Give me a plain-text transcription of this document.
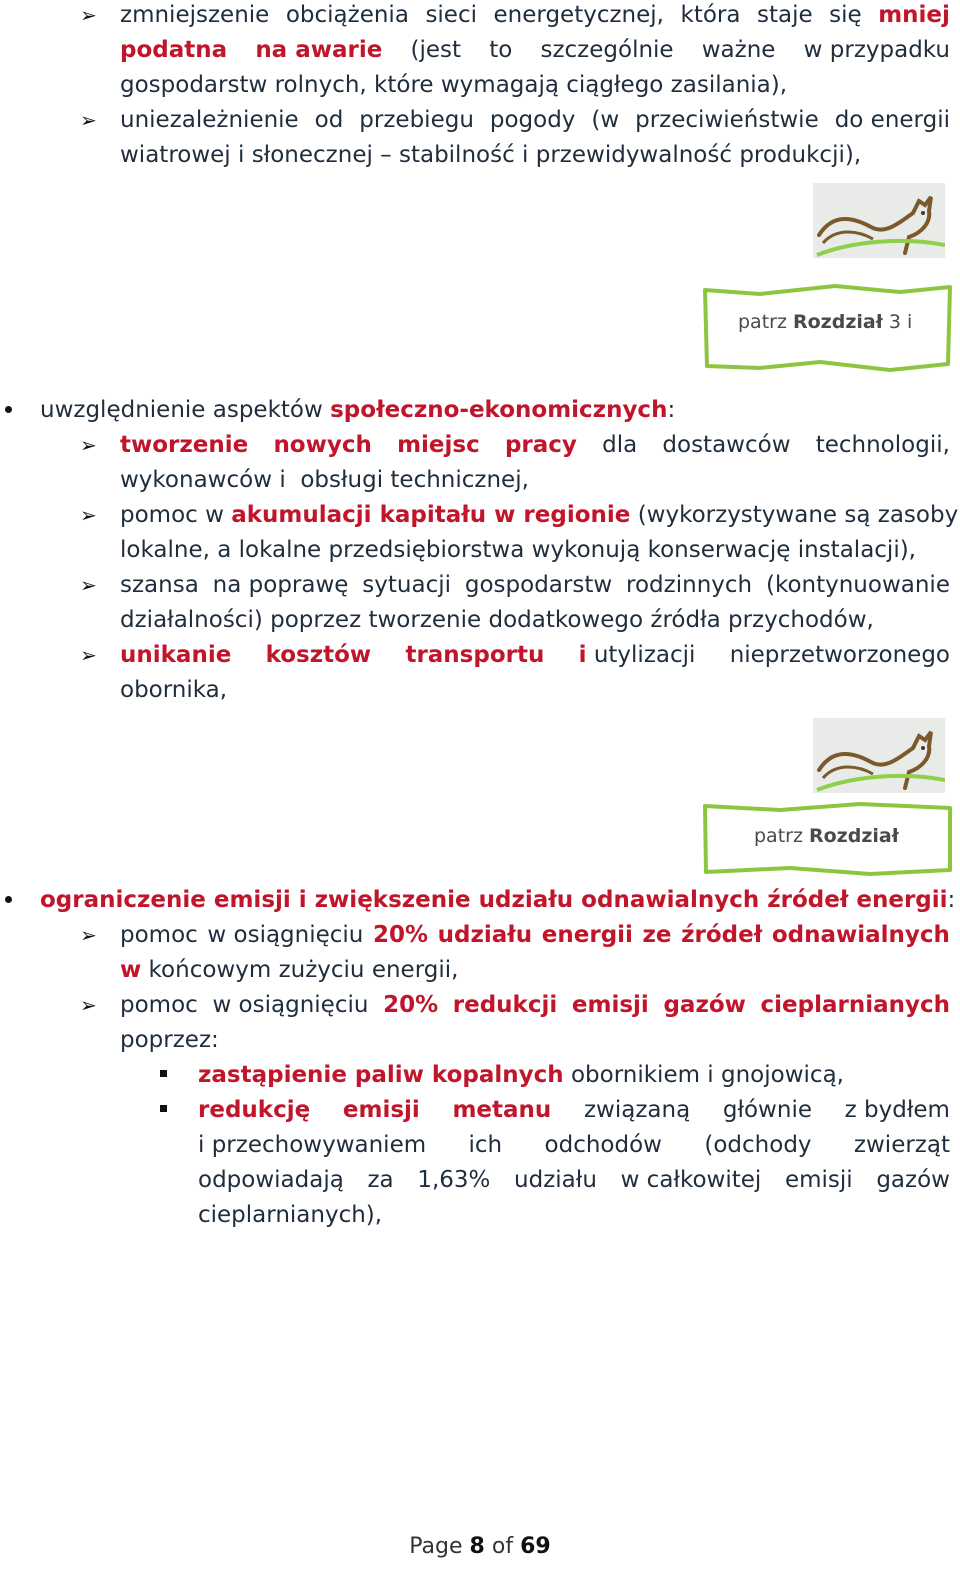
➢ zmniejszenie obciążenia sieci energetycznej, która staje się mniej
podatna na awarie (jest to szczególnie ważne w przypadku
gospodarstw rolnych, które wymagają ciągłego zasilania),
➢ uniezależnienie od przebiegu pogody (w przeciwieństwie do energii
wiatrowej i słonecznej – stabilność i przewidywalność produkcji),
patrz Rozdział 3 i
uwzględnienie aspektów społeczno-ekonomicznych:
➢ tworzenie nowych miejsc pracy dla dostawców technologii,
wykonawców i  obsługi technicznej,
➢ pomoc w akumulacji kapitału w regionie (wykorzystywane są zasoby
lokalne, a lokalne przedsiębiorstwa wykonują konserwację instalacji),
➢ szansa na poprawę sytuacji gospodarstw rodzinnych (kontynuowanie
działalności) poprzez tworzenie dodatkowego źródła przychodów,
➢ unikanie kosztów transportu i utylizacji nieprzetworzonego
obornika,
patrz Rozdział
ograniczenie emisji i zwiększenie udziału odnawialnych źródeł energii:
➢ pomoc w osiągnięciu 20% udziału energii ze źródeł odnawialnych
w końcowym zużyciu energii,
➢ pomoc w osiągnięciu 20% redukcji emisji gazów cieplarnianych
poprzez:
zastąpienie paliw kopalnych obornikiem i gnojowicą,
redukcję emisji metanu związaną głównie z bydłem
i przechowywaniem ich odchodów (odchody zwierząt
odpowiadają za 1,63% udziału w całkowitej emisji gazów
cieplarnianych),
Page 8 of 69
